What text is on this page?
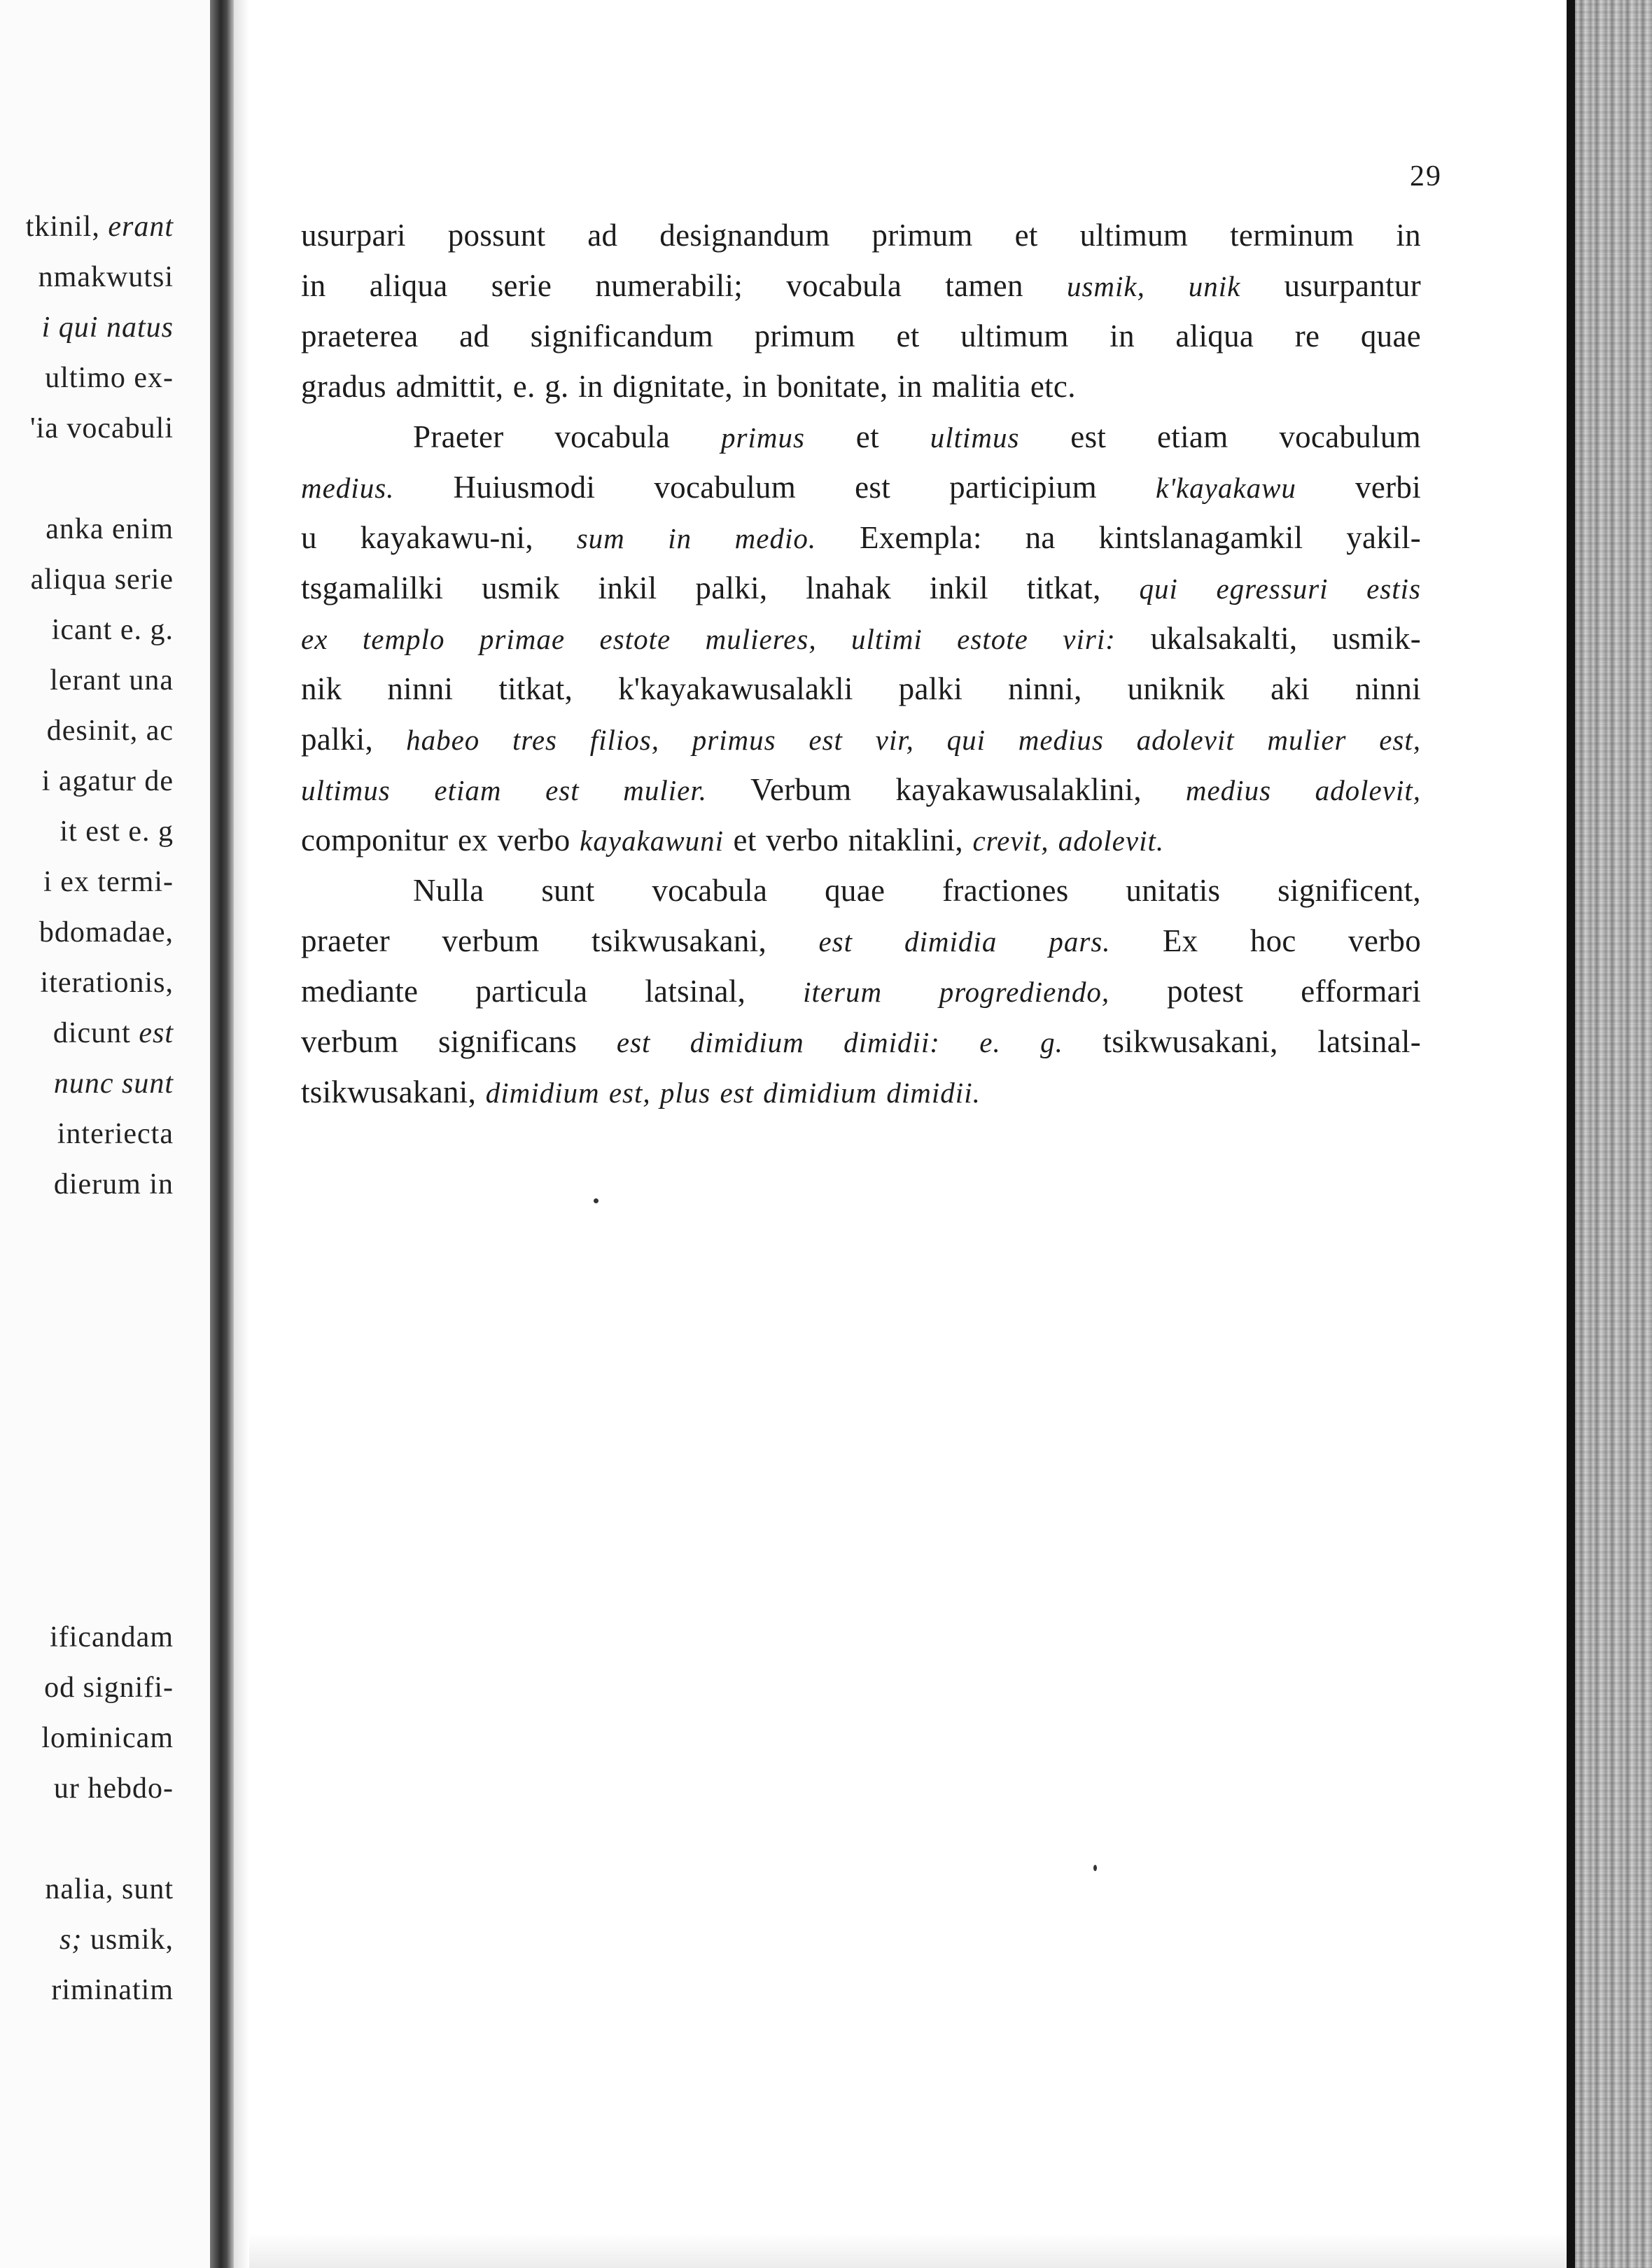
tkinil, erant
nmakwutsi
i qui natus
ultimo ex-
'ia vocabuli
anka enim
aliqua serie
icant e. g.
lerant una
desinit, ac
i agatur de
it est e. g
i ex termi-
bdomadae,
iterationis,
dicunt est
nunc sunt
interiecta
dierum in
ificandam
od signifi-
lominicam
ur hebdo-
nalia, sunt
s; usmik,
riminatim
29
usurpari possunt ad designandum primum et ultimum terminum in
in aliqua serie numerabili; vocabula tamen usmik, unik usurpantur
praeterea ad significandum primum et ultimum in aliqua re quae
gradus admittit, e. g. in dignitate, in bonitate, in malitia etc.
Praeter vocabula primus et ultimus est etiam vocabulum
medius. Huiusmodi vocabulum est participium k'kayakawu verbi
u kayakawu-ni, sum in medio. Exempla: na kintslanagamkil yakil-
tsgamalilki usmik inkil palki, lnahak inkil titkat, qui egressuri estis
ex templo primae estote mulieres, ultimi estote viri: ukalsakalti, usmik-
nik ninni titkat, k'kayakawusalakli palki ninni, uniknik aki ninni
palki, habeo tres filios, primus est vir, qui medius adolevit mulier est,
ultimus etiam est mulier. Verbum kayakawusalaklini, medius adolevit,
componitur ex verbo kayakawuni et verbo nitaklini, crevit, adolevit.
Nulla sunt vocabula quae fractiones unitatis significent,
praeter verbum tsikwusakani, est dimidia pars. Ex hoc verbo
mediante particula latsinal, iterum progrediendo, potest efformari
verbum significans est dimidium dimidii: e. g. tsikwusakani, latsinal-
tsikwusakani, dimidium est, plus est dimidium dimidii.
